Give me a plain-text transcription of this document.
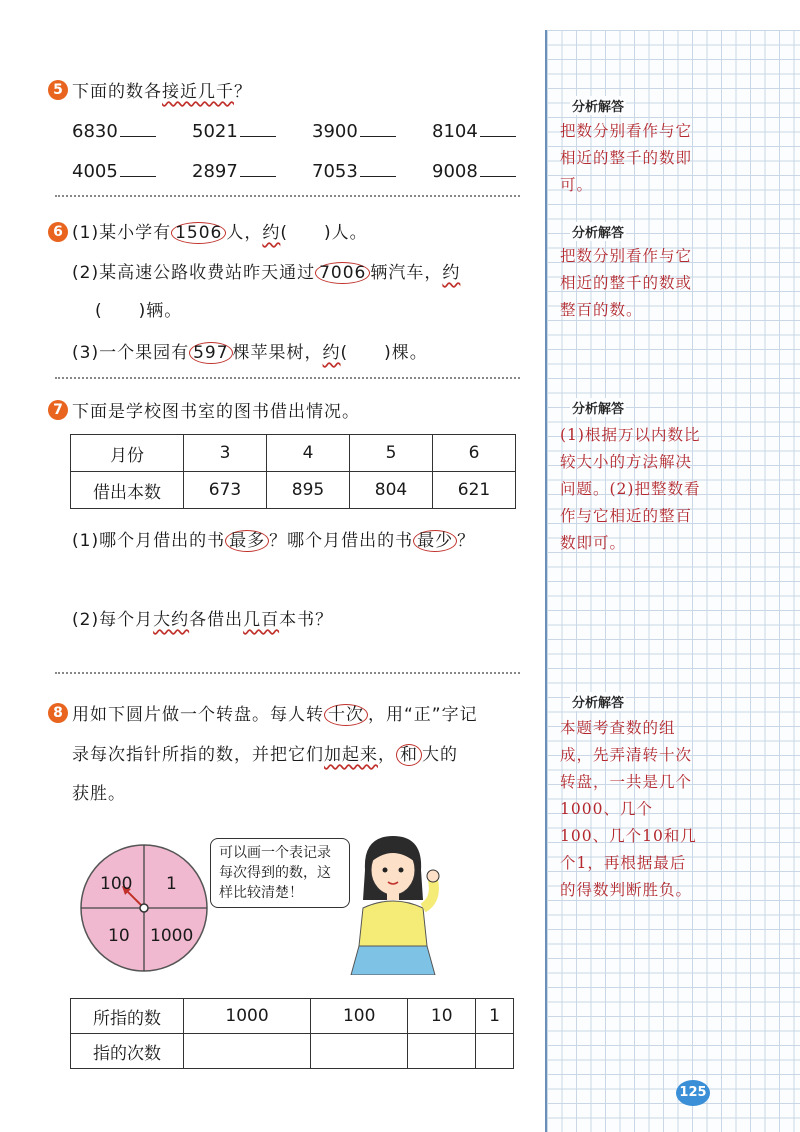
分析解答
把数分别看作与它相近的整千的数即可。
分析解答
把数分别看作与它相近的整千的数或整百的数。
分析解答
(1)根据万以内数比较大小的方法解决问题。(2)把整数看作与它相近的整百数即可。
分析解答
本题考查数的组成，先弄清转十次转盘，一共是几个1000、几个100、几个10和几个1，再根据最后的得数判断胜负。
5 下面的数各接近几千？
6830	5021	3900	8104
4005	2897	7053	9008
6 (1)某小学有 1506 人，约(　　)人。
(2)某高速公路收费站昨天通过 7006 辆汽车，约
(　　)辆。
(3)一个果园有 597 棵苹果树，约(　　)棵。
7 下面是学校图书室的图书借出情况。
月份	3	4	5	6
借出本数	673	895	804	621
(1)哪个月借出的书 最多 ？哪个月借出的书 最少 ？
(2)每个月大约各借出几百本书？
8 用如下圆片做一个转盘。每人转 十次 ，用“正”字记
录每次指针所指的数，并把它们加起来， 和 大的
获胜。
100 1
10 1000
可以画一个表记录每次得到的数，这样比较清楚！
所指的数	1000	100	10	1
指的次数				
125
